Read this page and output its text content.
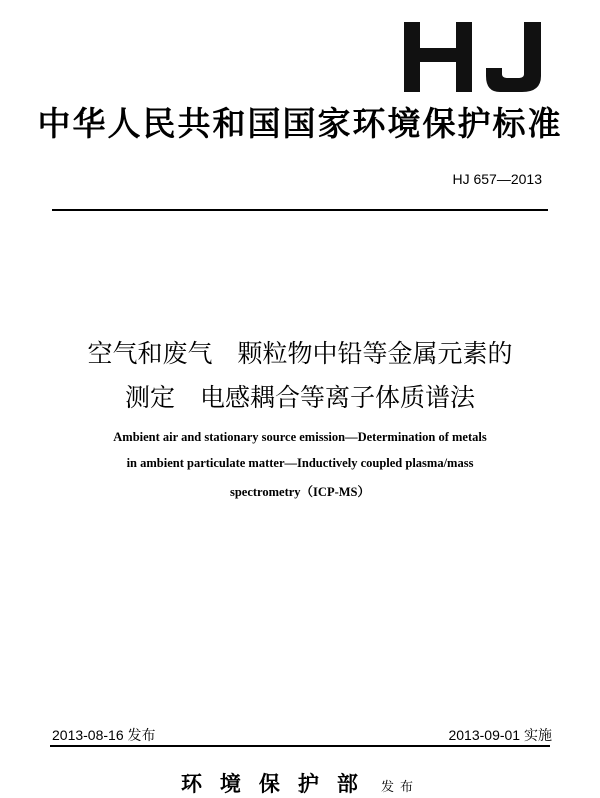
中华人民共和国国家环境保护标准
HJ 657—2013
空气和废气　颗粒物中铅等金属元素的
测定　电感耦合等离子体质谱法
Ambient air and stationary source emission—Determination of metals
in ambient particulate matter—Inductively coupled plasma/mass
spectrometry（ICP-MS）
2013-08-16 发布	2013-09-01 实施
环境保护部 发布
